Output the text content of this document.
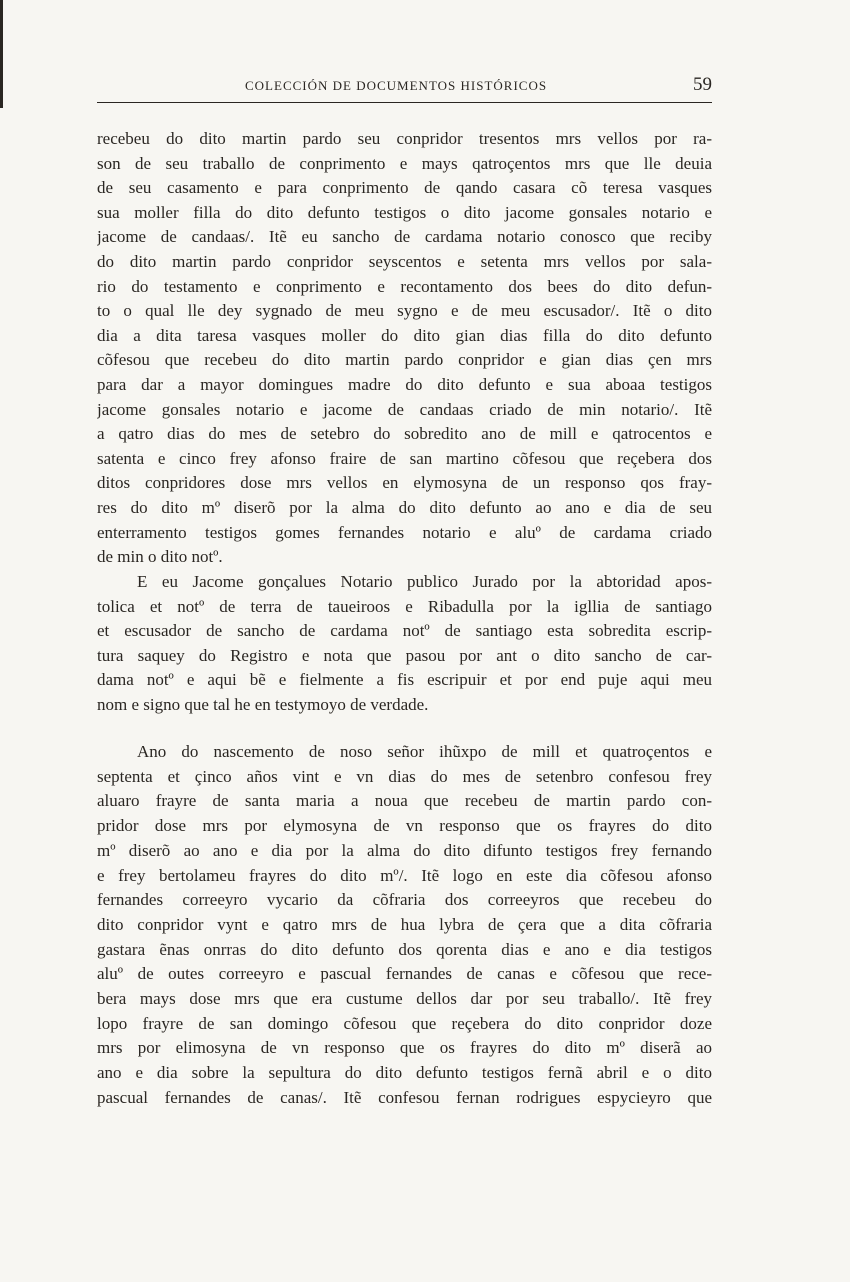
COLECCIÓN DE DOCUMENTOS HISTÓRICOS	59
recebeu do dito martin pardo seu conpridor tresentos mrs vellos por ra-
son de seu traballo de conprimento e mays qatroçentos mrs que lle deuia
de seu casamento e para conprimento de qando casara cõ teresa vasques
sua moller filla do dito defunto testigos o dito jacome gonsales notario e
jacome de candaas/. Itẽ eu sancho de cardama notario conosco que reciby
do dito martin pardo conpridor seyscentos e setenta mrs vellos por sala-
rio do testamento e conprimento e recontamento dos bees do dito defun-
to o qual lle dey sygnado de meu sygno e de meu escusador/. Itẽ o dito
dia a dita taresa vasques moller do dito gian dias filla do dito defunto
cõfesou que recebeu do dito martin pardo conpridor e gian dias çen mrs
para dar a mayor domingues madre do dito defunto e sua aboaa testigos
jacome gonsales notario e jacome de candaas criado de min notario/. Itẽ
a qatro dias do mes de setebro do sobredito ano de mill e qatrocentos e
satenta e cinco frey afonso fraire de san martino cõfesou que reçebera dos
ditos conpridores dose mrs vellos en elymosyna de un responso qos fray-
res do dito mº diserõ por la alma do dito defunto ao ano e dia de seu
enterramento testigos gomes fernandes notario e aluº de cardama criado
de min o dito notº.
E eu Jacome gonçalues Notario publico Jurado por la abtoridad apos-
tolica et notº de terra de taueiroos e Ribadulla por la igllia de santiago
et escusador de sancho de cardama notº de santiago esta sobredita escrip-
tura saquey do Registro e nota que pasou por ant o dito sancho de car-
dama notº e aqui bẽ e fielmente a fis escripuir et por end puje aqui meu
nom e signo que tal he en testymoyo de verdade.
Ano do nascemento de noso señor ihũxpo de mill et quatroçentos e
septenta et çinco años vint e vn dias do mes de setenbro confesou frey
aluaro frayre de santa maria a noua que recebeu de martin pardo con-
pridor dose mrs por elymosyna de vn responso que os frayres do dito
mº diserõ ao ano e dia por la alma do dito difunto testigos frey fernando
e frey bertolameu frayres do dito mº/. Itẽ logo en este dia cõfesou afonso
fernandes correeyro vycario da cõfraria dos correeyros que recebeu do
dito conpridor vynt e qatro mrs de hua lybra de çera que a dita cõfraria
gastara ẽnas onrras do dito defunto dos qorenta dias e ano e dia testigos
aluº de outes correeyro e pascual fernandes de canas e cõfesou que rece-
bera mays dose mrs que era custume dellos dar por seu traballo/. Itẽ frey
lopo frayre de san domingo cõfesou que reçebera do dito conpridor doze
mrs por elimosyna de vn responso que os frayres do dito mº diserã ao
ano e dia sobre la sepultura do dito defunto testigos fernã abril e o dito
pascual fernandes de canas/. Itẽ confesou fernan rodrigues espycieyro que
